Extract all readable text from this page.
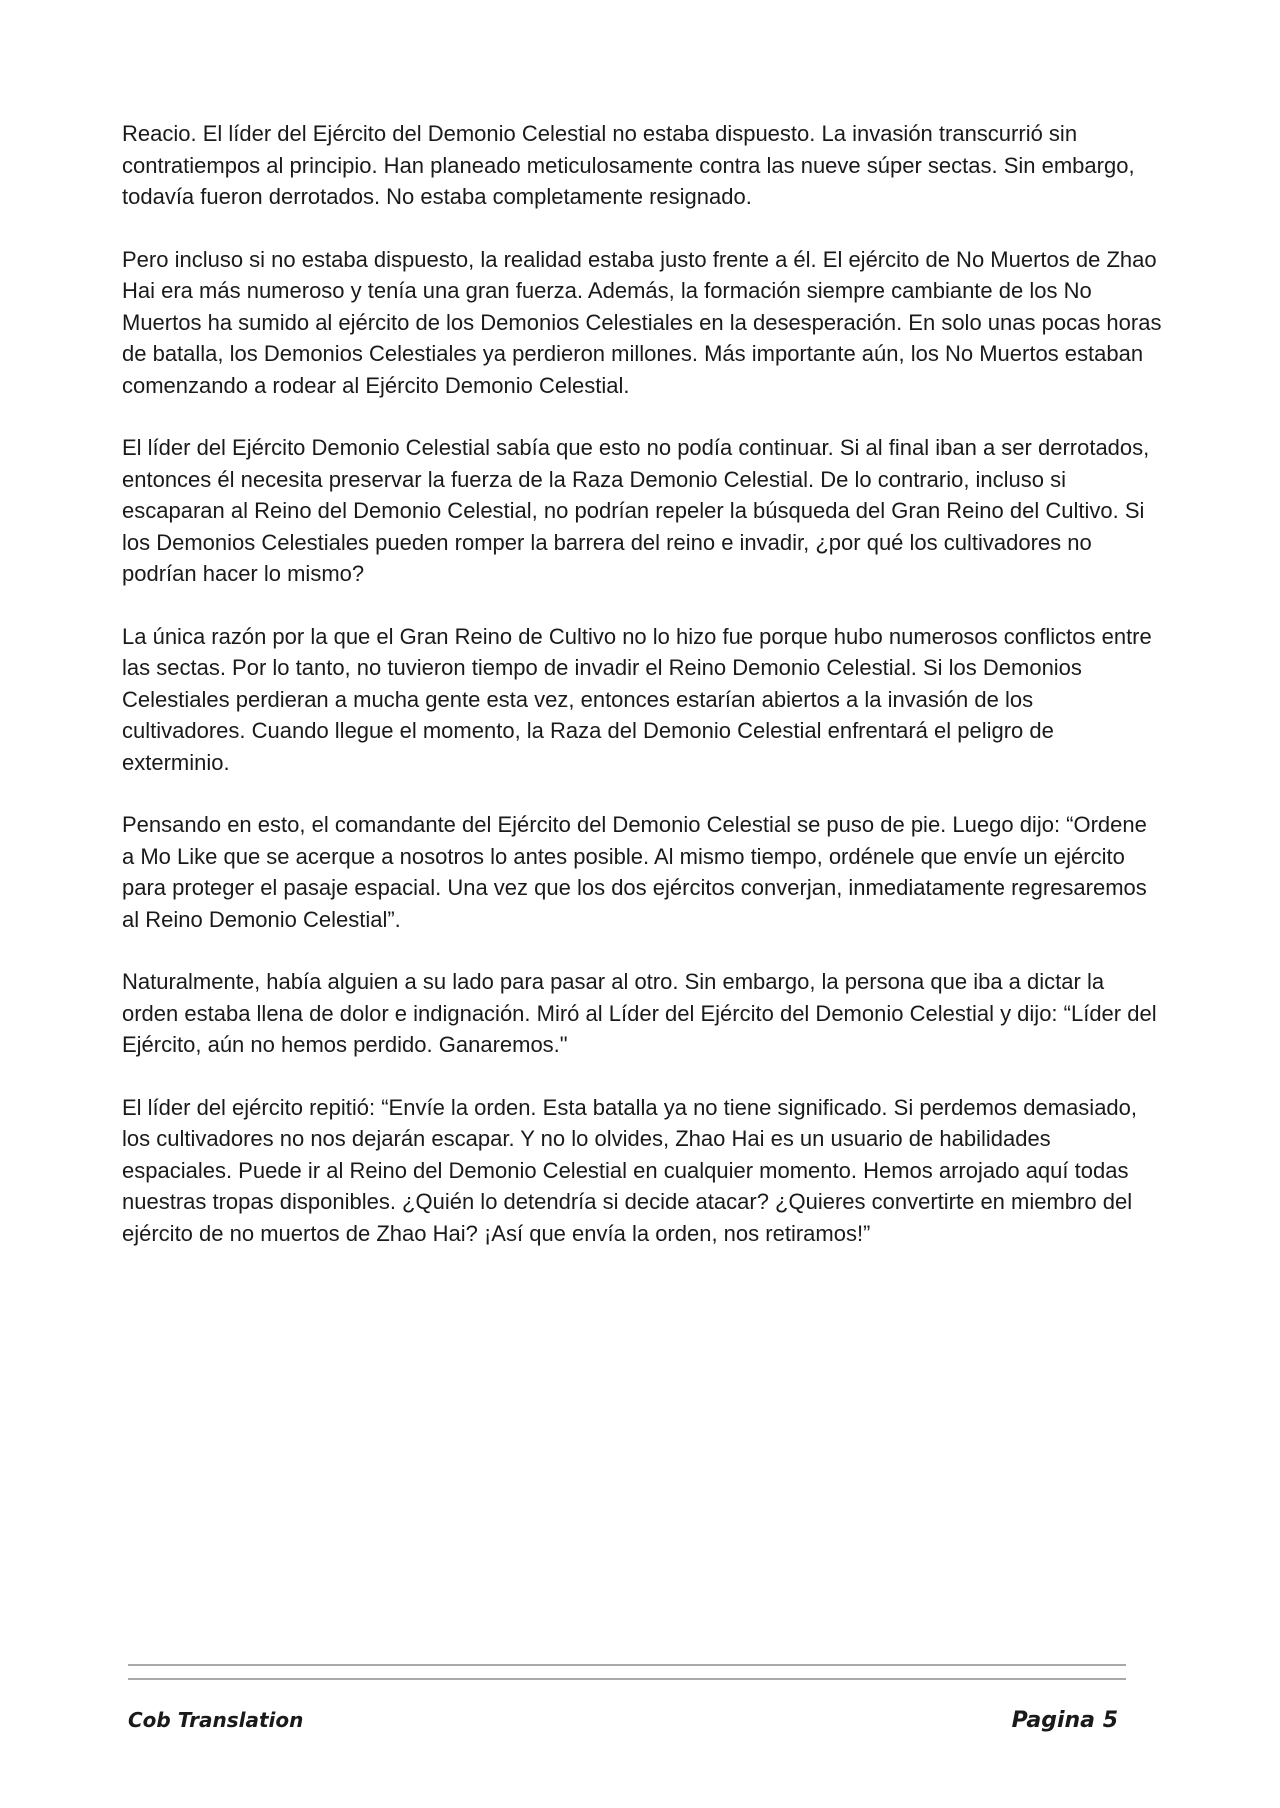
Reacio. El líder del Ejército del Demonio Celestial no estaba dispuesto. La invasión transcurrió sin contratiempos al principio. Han planeado meticulosamente contra las nueve súper sectas. Sin embargo, todavía fueron derrotados. No estaba completamente resignado.

Pero incluso si no estaba dispuesto, la realidad estaba justo frente a él. El ejército de No Muertos de Zhao Hai era más numeroso y tenía una gran fuerza. Además, la formación siempre cambiante de los No Muertos ha sumido al ejército de los Demonios Celestiales en la desesperación. En solo unas pocas horas de batalla, los Demonios Celestiales ya perdieron millones. Más importante aún, los No Muertos estaban comenzando a rodear al Ejército Demonio Celestial.

El líder del Ejército Demonio Celestial sabía que esto no podía continuar. Si al final iban a ser derrotados, entonces él necesita preservar la fuerza de la Raza Demonio Celestial. De lo contrario, incluso si escaparan al Reino del Demonio Celestial, no podrían repeler la búsqueda del Gran Reino del Cultivo. Si los Demonios Celestiales pueden romper la barrera del reino e invadir, ¿por qué los cultivadores no podrían hacer lo mismo?

La única razón por la que el Gran Reino de Cultivo no lo hizo fue porque hubo numerosos conflictos entre las sectas. Por lo tanto, no tuvieron tiempo de invadir el Reino Demonio Celestial. Si los Demonios Celestiales perdieran a mucha gente esta vez, entonces estarían abiertos a la invasión de los cultivadores. Cuando llegue el momento, la Raza del Demonio Celestial enfrentará el peligro de exterminio.

Pensando en esto, el comandante del Ejército del Demonio Celestial se puso de pie. Luego dijo: “Ordene a Mo Like que se acerque a nosotros lo antes posible. Al mismo tiempo, ordénele que envíe un ejército para proteger el pasaje espacial. Una vez que los dos ejércitos converjan, inmediatamente regresaremos al Reino Demonio Celestial”.

Naturalmente, había alguien a su lado para pasar al otro. Sin embargo, la persona que iba a dictar la orden estaba llena de dolor e indignación. Miró al Líder del Ejército del Demonio Celestial y dijo: “Líder del Ejército, aún no hemos perdido. Ganaremos."

El líder del ejército repitió: “Envíe la orden. Esta batalla ya no tiene significado. Si perdemos demasiado, los cultivadores no nos dejarán escapar. Y no lo olvides, Zhao Hai es un usuario de habilidades espaciales. Puede ir al Reino del Demonio Celestial en cualquier momento. Hemos arrojado aquí todas nuestras tropas disponibles. ¿Quién lo detendría si decide atacar? ¿Quieres convertirte en miembro del ejército de no muertos de Zhao Hai? ¡Así que envía la orden, nos retiramos!”

Cob Translation	Pagina 5
